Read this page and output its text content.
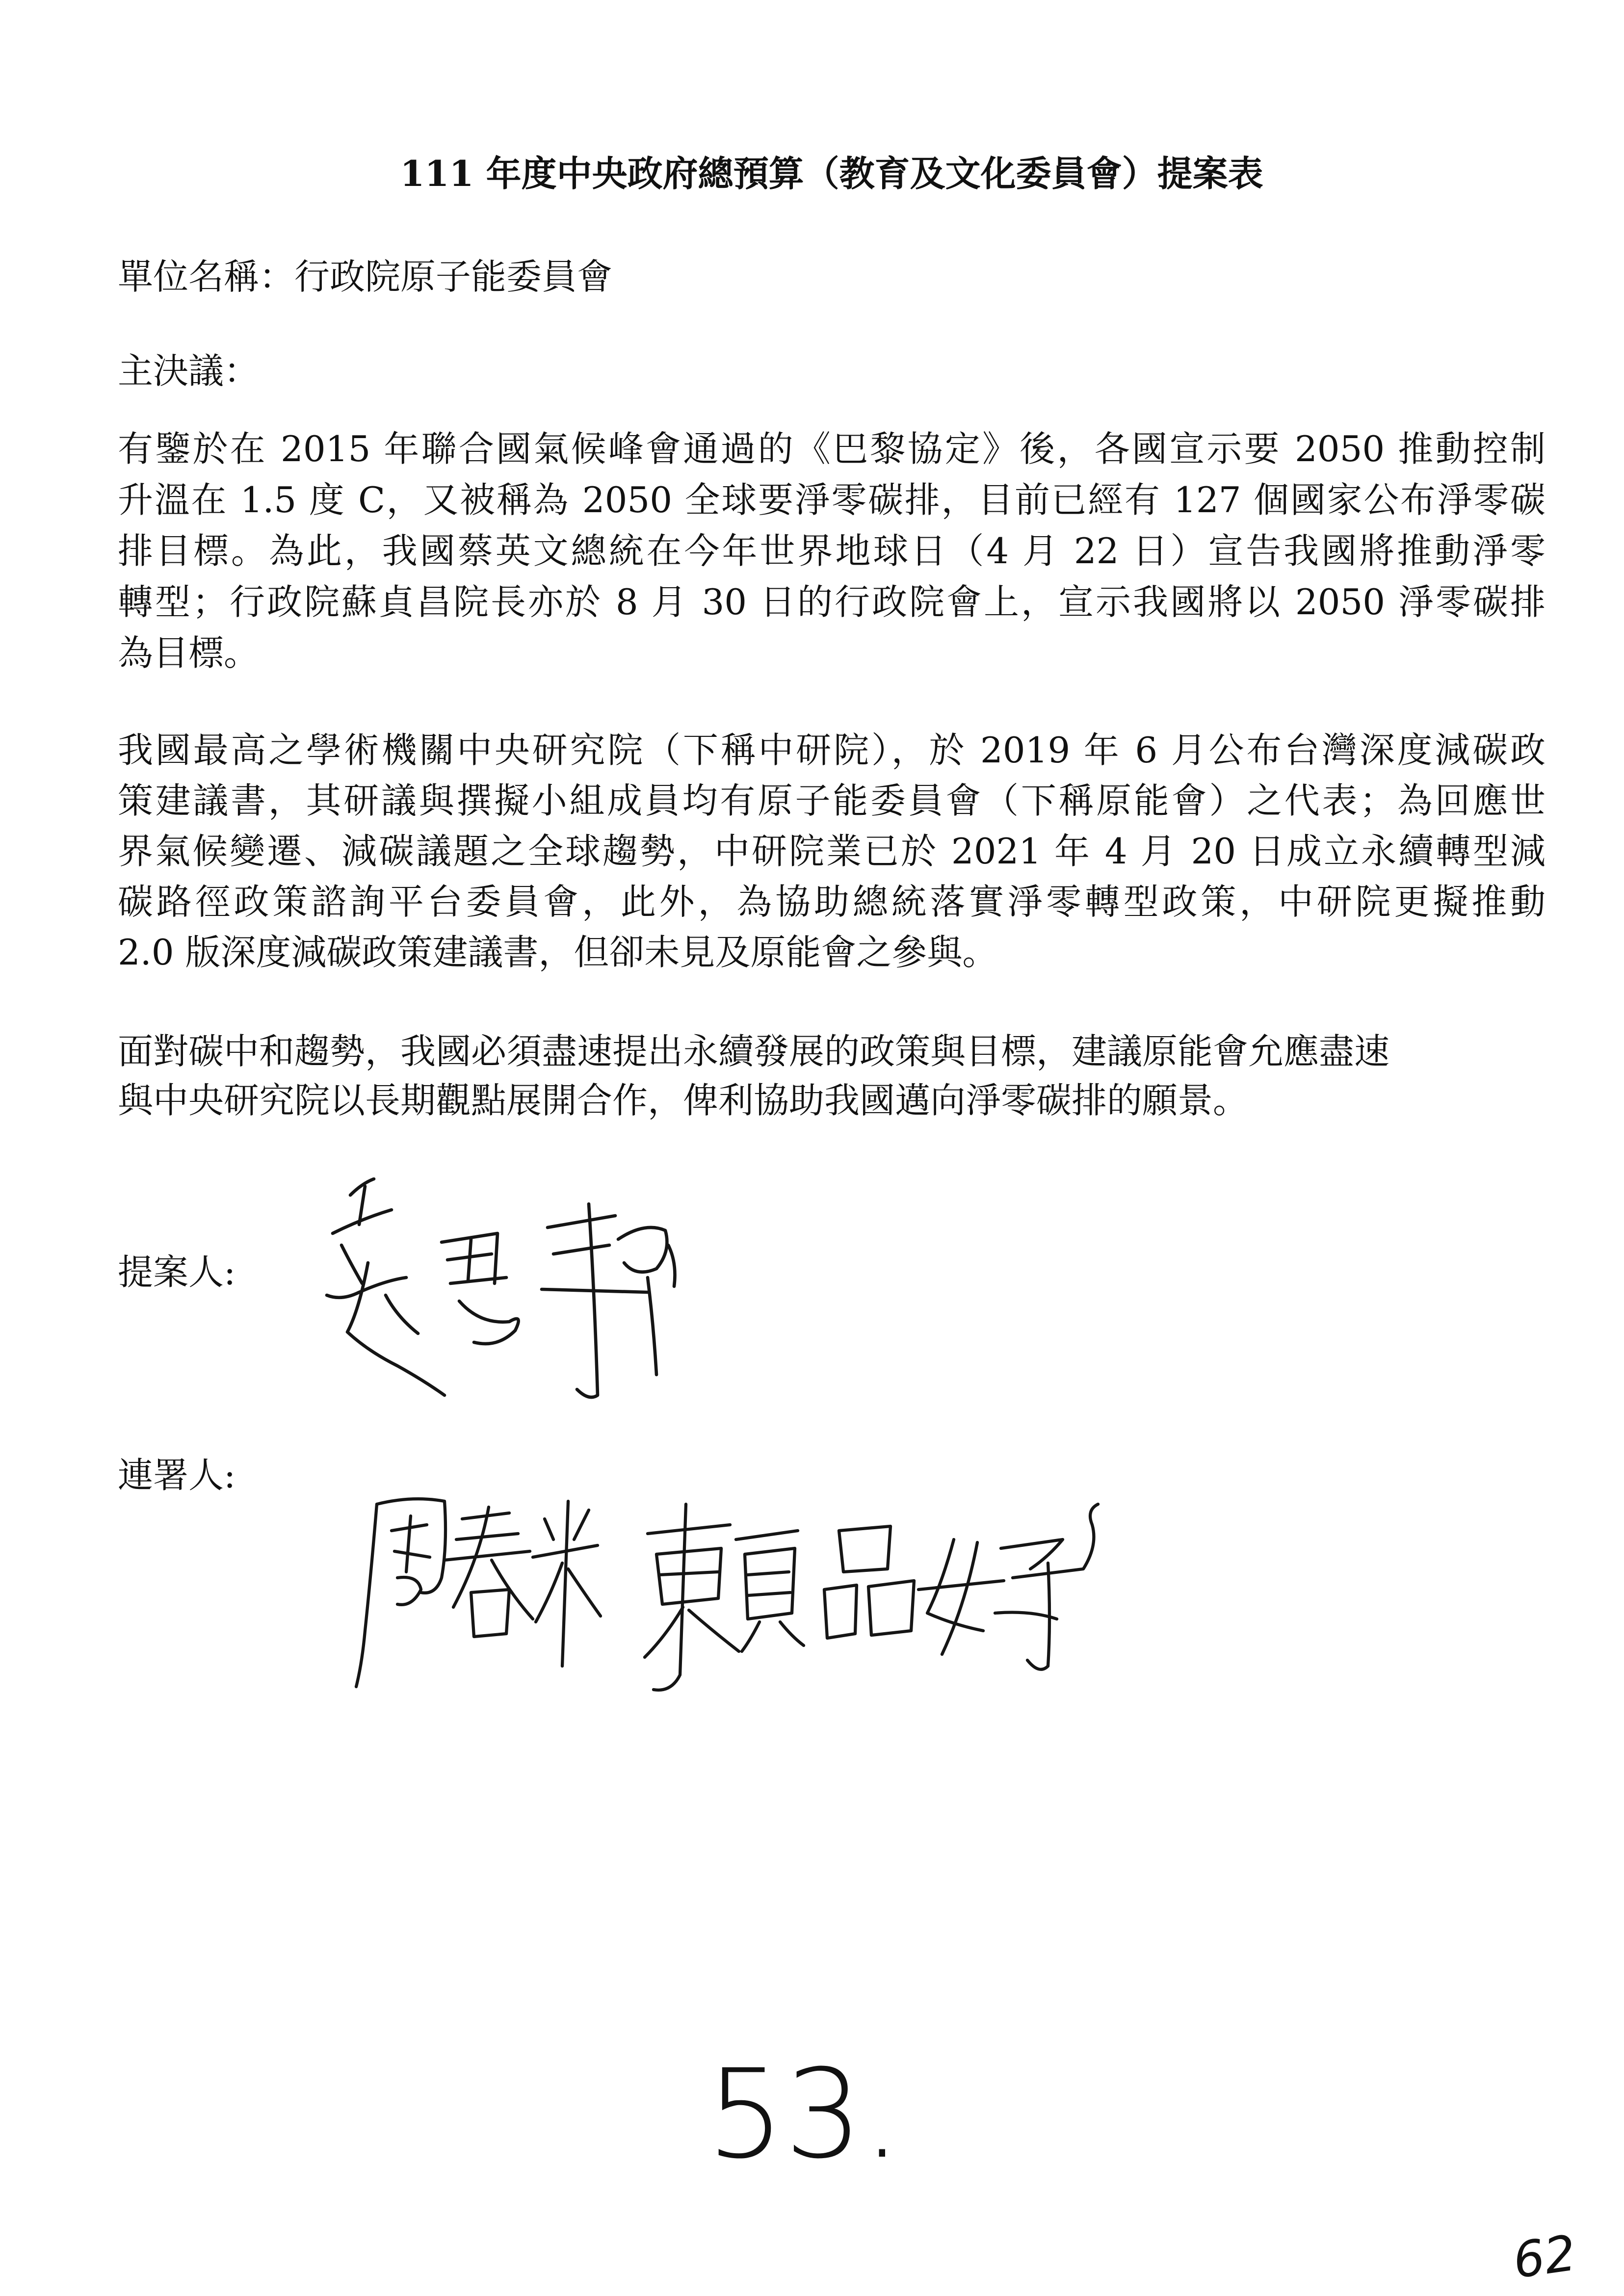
111 年度中央政府總預算（教育及文化委員會）提案表
單位名稱：行政院原子能委員會
主決議：
有鑒於在 2015 年聯合國氣候峰會通過的《巴黎協定》後，各國宣示要 2050 推動控制
升溫在 1.5 度 C，又被稱為 2050 全球要淨零碳排，目前已經有 127 個國家公布淨零碳
排目標。為此，我國蔡英文總統在今年世界地球日（4 月 22 日）宣告我國將推動淨零
轉型；行政院蘇貞昌院長亦於 8 月 30 日的行政院會上，宣示我國將以 2050 淨零碳排
為目標。
我國最高之學術機關中央研究院（下稱中研院），於 2019 年 6 月公布台灣深度減碳政
策建議書，其研議與撰擬小組成員均有原子能委員會（下稱原能會）之代表；為回應世
界氣候變遷、減碳議題之全球趨勢，中研院業已於 2021 年 4 月 20 日成立永續轉型減
碳路徑政策諮詢平台委員會，此外，為協助總統落實淨零轉型政策，中研院更擬推動
2.0 版深度減碳政策建議書，但卻未見及原能會之參與。
面對碳中和趨勢，我國必須盡速提出永續發展的政策與目標，建議原能會允應盡速
與中央研究院以長期觀點展開合作，俾利協助我國邁向淨零碳排的願景。
提案人:
連署人:
53.
62
